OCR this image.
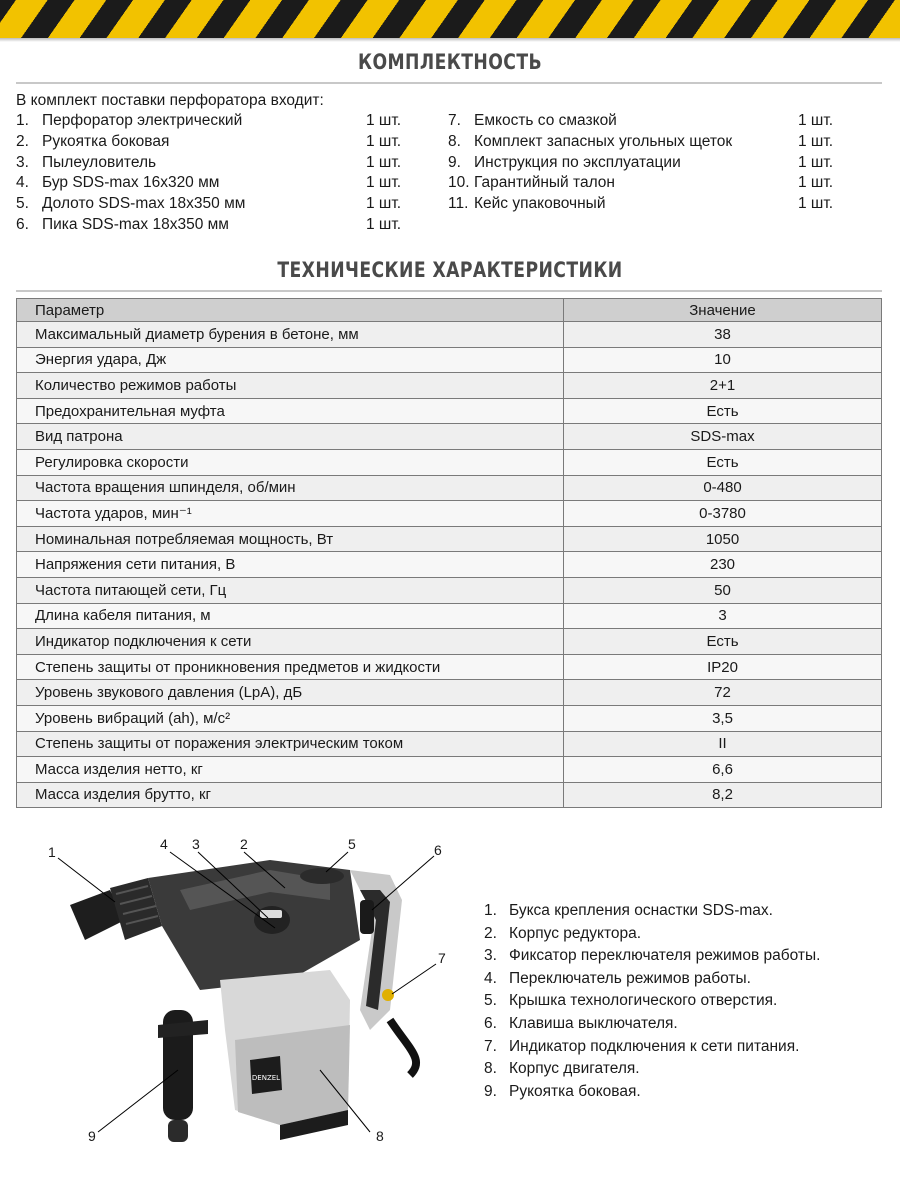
КОМПЛЕКТНОСТЬ
В комплект поставки перфоратора входит:
1. Перфоратор электрический	1 шт.
2. Рукоятка боковая	1 шт.
3. Пылеуловитель	1 шт.
4. Бур SDS-max 16x320 мм	1 шт.
5. Долото SDS-max 18x350 мм	1 шт.
6. Пика SDS-max 18x350 мм	1 шт.
7. Емкость со смазкой	1 шт.
8. Комплект запасных угольных щеток	1 шт.
9. Инструкция по эксплуатации	1 шт.
10. Гарантийный талон	1 шт.
11. Кейс упаковочный	1 шт.
ТЕХНИЧЕСКИЕ ХАРАКТЕРИСТИКИ
Параметр	Значение
Максимальный диаметр бурения в бетоне, мм	38
Энергия удара, Дж	10
Количество режимов работы	2+1
Предохранительная муфта	Есть
Вид патрона	SDS-max
Регулировка скорости	Есть
Частота вращения шпинделя, об/мин	0-480
Частота ударов, мин⁻¹	0-3780
Номинальная потребляемая мощность, Вт	1050
Напряжения сети питания, В	230
Частота питающей сети, Гц	50
Длина кабеля питания, м	3
Индикатор подключения к сети	Есть
Степень защиты от проникновения предметов и жидкости	IP20
Уровень звукового давления (LpA), дБ	72
Уровень вибраций (ah), м/с²	3,5
Степень защиты от поражения электрическим током	II
Масса изделия нетто, кг	6,6
Масса изделия брутто, кг	8,2
DENZEL
1	2
3
4	5	6
7
8
9
1. Букса крепления оснастки SDS-max.
2. Корпус редуктора.
3. Фиксатор переключателя режимов работы.
4. Переключатель режимов работы.
5. Крышка технологического отверстия.
6. Клавиша выключателя.
7. Индикатор подключения к сети питания.
8. Корпус двигателя.
9. Рукоятка боковая.
